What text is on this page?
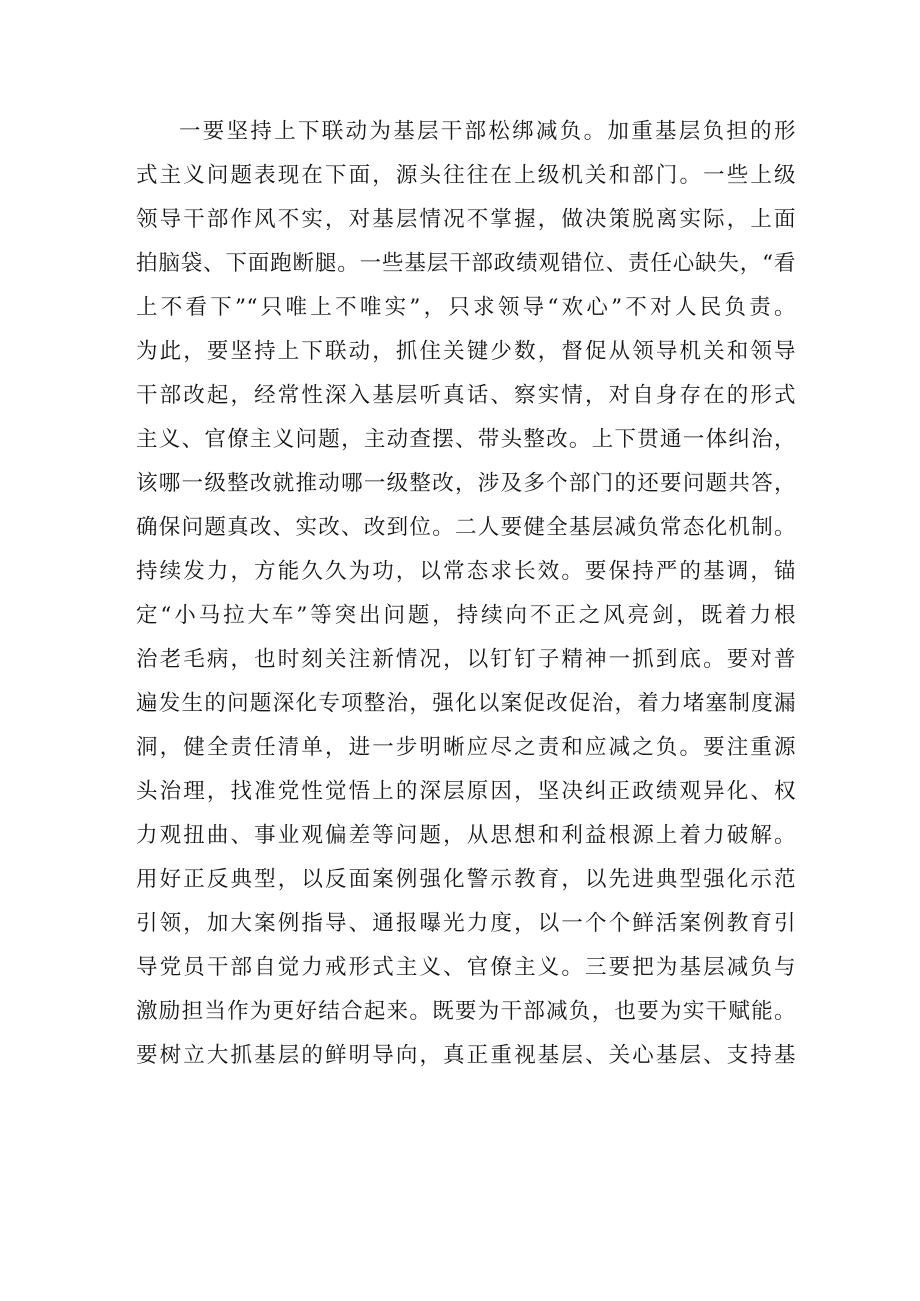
一要坚持上下联动为基层干部松绑减负。加重基层负担的形
式主义问题表现在下面，源头往往在上级机关和部门。一些上级
领导干部作风不实，对基层情况不掌握，做决策脱离实际，上面
拍脑袋、下面跑断腿。一些基层干部政绩观错位、责任心缺失，“看
上不看下”“只唯上不唯实”，只求领导“欢心”不对人民负责。
为此，要坚持上下联动，抓住关键少数，督促从领导机关和领导
干部改起，经常性深入基层听真话、察实情，对自身存在的形式
主义、官僚主义问题，主动查摆、带头整改。上下贯通一体纠治，
该哪一级整改就推动哪一级整改，涉及多个部门的还要问题共答，
确保问题真改、实改、改到位。二人要健全基层减负常态化机制。
持续发力，方能久久为功，以常态求长效。要保持严的基调，锚
定“小马拉大车”等突出问题，持续向不正之风亮剑，既着力根
治老毛病，也时刻关注新情况，以钉钉子精神一抓到底。要对普
遍发生的问题深化专项整治，强化以案促改促治，着力堵塞制度漏
洞，健全责任清单，进一步明晰应尽之责和应减之负。要注重源
头治理，找准党性觉悟上的深层原因，坚决纠正政绩观异化、权
力观扭曲、事业观偏差等问题，从思想和利益根源上着力破解。
用好正反典型，以反面案例强化警示教育，以先进典型强化示范
引领，加大案例指导、通报曝光力度，以一个个鲜活案例教育引
导党员干部自觉力戒形式主义、官僚主义。三要把为基层减负与
激励担当作为更好结合起来。既要为干部减负，也要为实干赋能。
要树立大抓基层的鲜明导向，真正重视基层、关心基层、支持基
